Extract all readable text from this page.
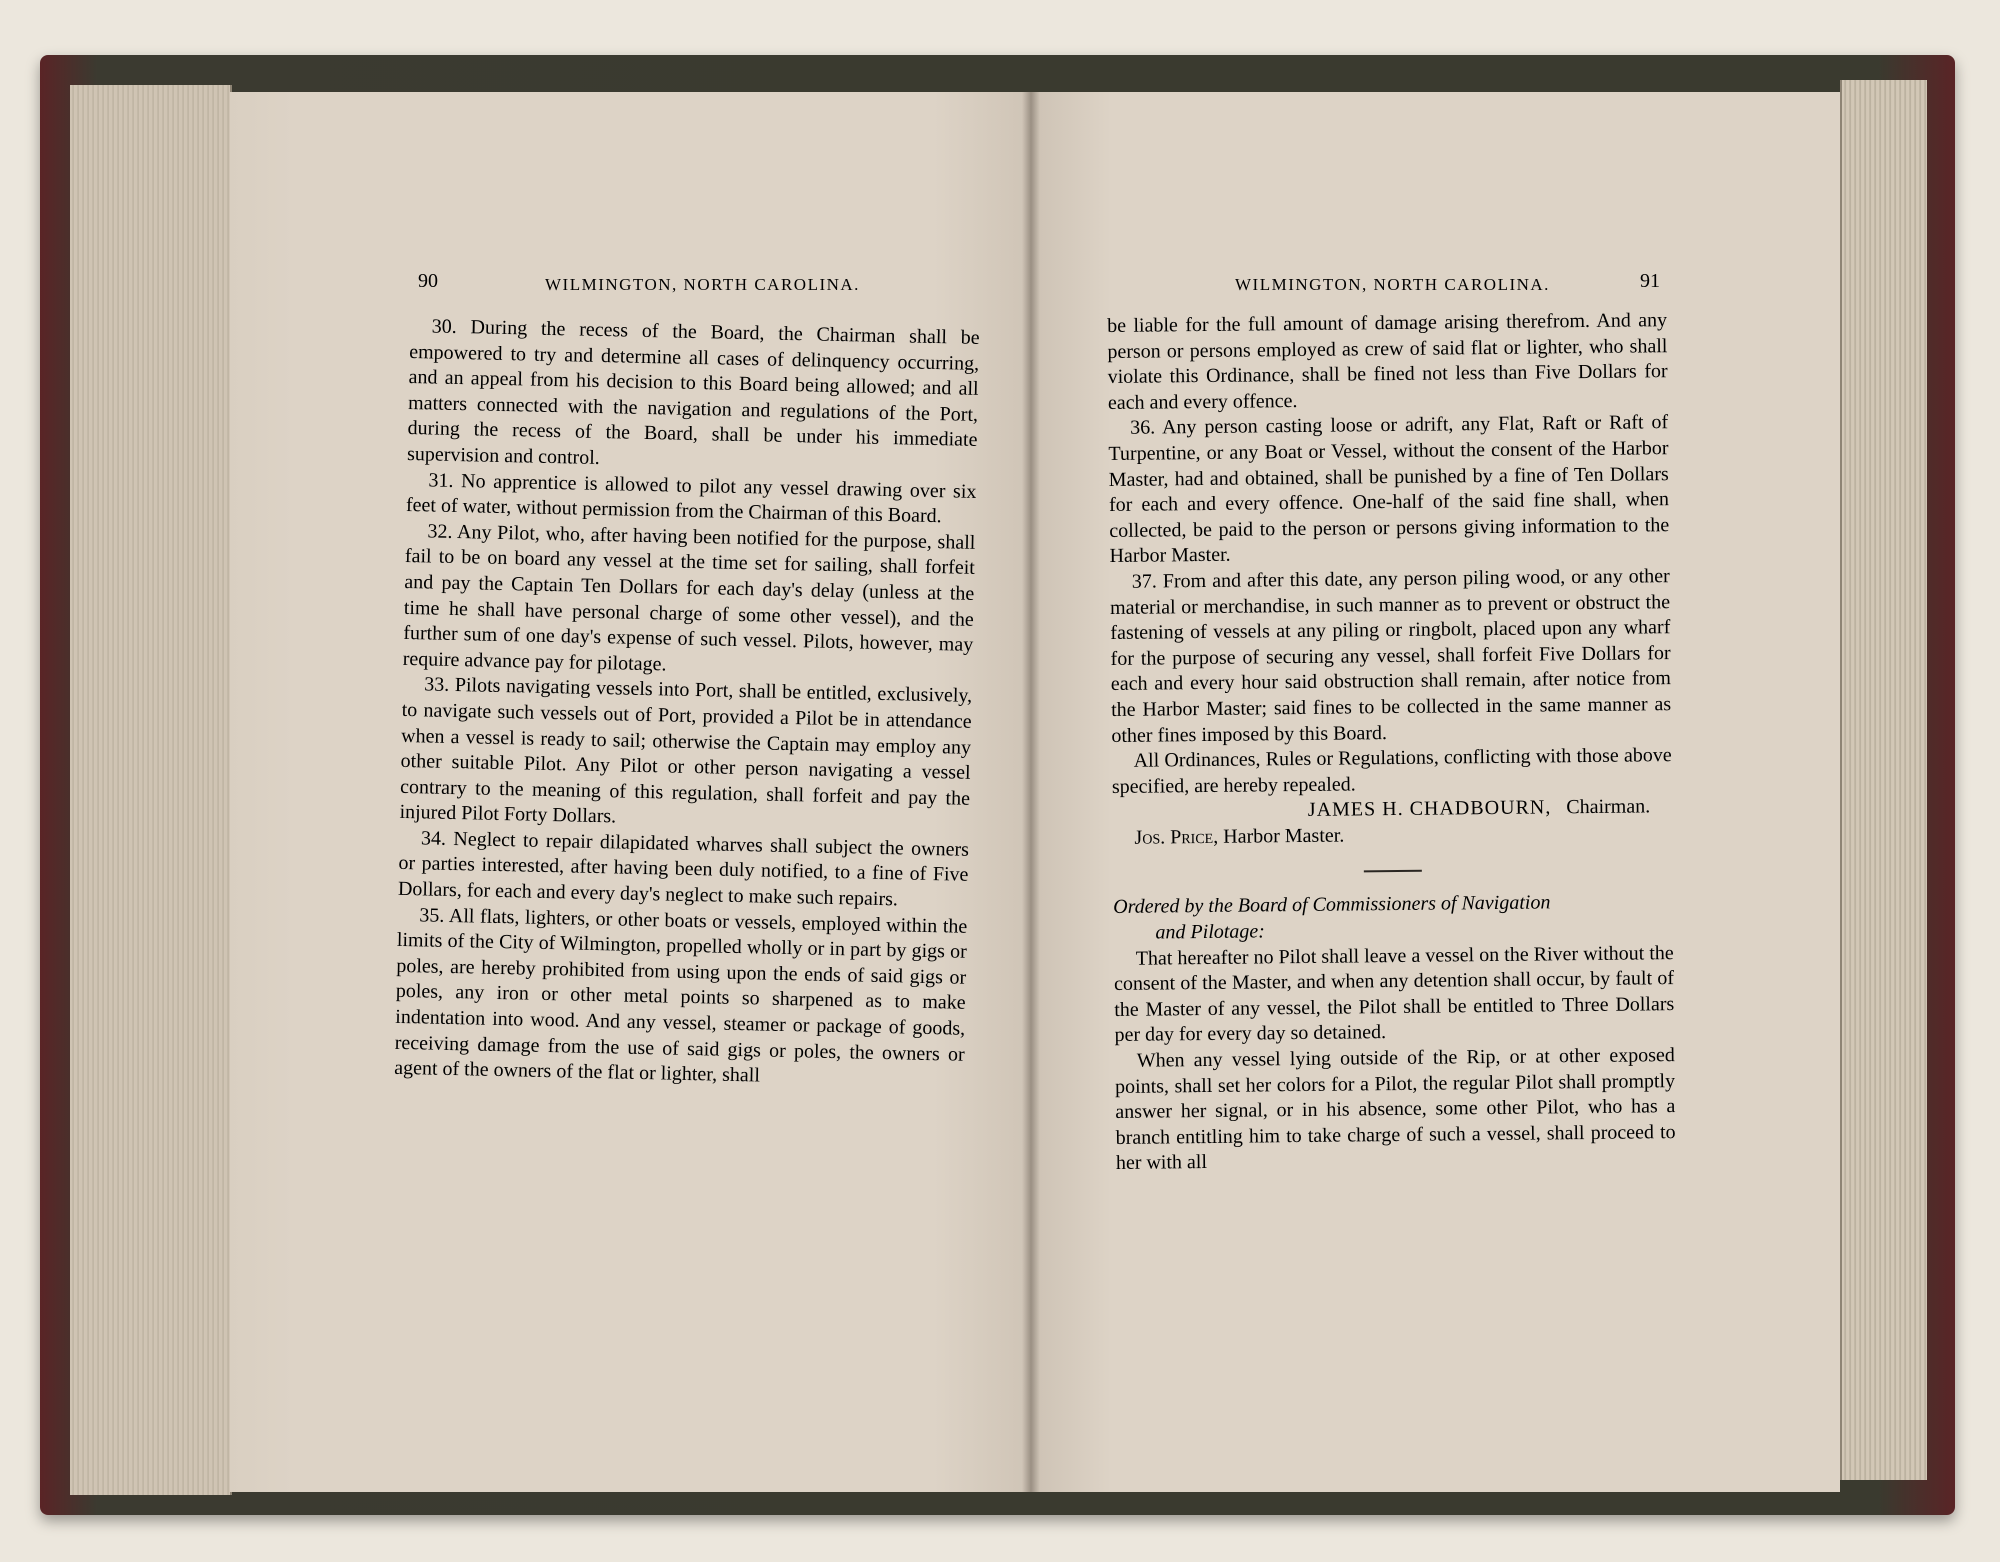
90	WILMINGTON, NORTH CAROLINA.	WILMINGTON, NORTH CAROLINA.	91

30. During the recess of the Board, the Chairman shall be empowered to try and determine all cases of delinquency occurring, and an appeal from his decision to this Board being allowed; and all matters connected with the navigation and regulations of the Port, during the recess of the Board, shall be under his immediate supervision and control.

31. No apprentice is allowed to pilot any vessel drawing over six feet of water, without permission from the Chairman of this Board.

32. Any Pilot, who, after having been notified for the purpose, shall fail to be on board any vessel at the time set for sailing, shall forfeit and pay the Captain Ten Dollars for each day's delay (unless at the time he shall have personal charge of some other vessel), and the further sum of one day's expense of such vessel. Pilots, however, may require advance pay for pilotage.

33. Pilots navigating vessels into Port, shall be entitled, exclusively, to navigate such vessels out of Port, provided a Pilot be in attendance when a vessel is ready to sail; otherwise the Captain may employ any other suitable Pilot. Any Pilot or other person navigating a vessel contrary to the meaning of this regulation, shall forfeit and pay the injured Pilot Forty Dollars.

34. Neglect to repair dilapidated wharves shall subject the owners or parties interested, after having been duly notified, to a fine of Five Dollars, for each and every day's neglect to make such repairs.

35. All flats, lighters, or other boats or vessels, employed within the limits of the City of Wilmington, propelled wholly or in part by gigs or poles, are hereby prohibited from using upon the ends of said gigs or poles, any iron or other metal points so sharpened as to make indentation into wood. And any vessel, steamer or package of goods, receiving damage from the use of said gigs or poles, the owners or agent of the owners of the flat or lighter, shall

be liable for the full amount of damage arising therefrom. And any person or persons employed as crew of said flat or lighter, who shall violate this Ordinance, shall be fined not less than Five Dollars for each and every offence.

36. Any person casting loose or adrift, any Flat, Raft or Raft of Turpentine, or any Boat or Vessel, without the consent of the Harbor Master, had and obtained, shall be punished by a fine of Ten Dollars for each and every offence. One-half of the said fine shall, when collected, be paid to the person or persons giving information to the Harbor Master.

37. From and after this date, any person piling wood, or any other material or merchandise, in such manner as to prevent or obstruct the fastening of vessels at any piling or ringbolt, placed upon any wharf for the purpose of securing any vessel, shall forfeit Five Dollars for each and every hour said obstruction shall remain, after notice from the Harbor Master; said fines to be collected in the same manner as other fines imposed by this Board.

All Ordinances, Rules or Regulations, conflicting with those above specified, are hereby repealed.

JAMES H. CHADBOURN, Chairman.
Jos. Price, Harbor Master.

Ordered by the Board of Commissioners of Navigation

and Pilotage:

That hereafter no Pilot shall leave a vessel on the River without the consent of the Master, and when any detention shall occur, by fault of the Master of any vessel, the Pilot shall be entitled to Three Dollars per day for every day so detained.

When any vessel lying outside of the Rip, or at other exposed points, shall set her colors for a Pilot, the regular Pilot shall promptly answer her signal, or in his absence, some other Pilot, who has a branch entitling him to take charge of such a vessel, shall proceed to her with all
